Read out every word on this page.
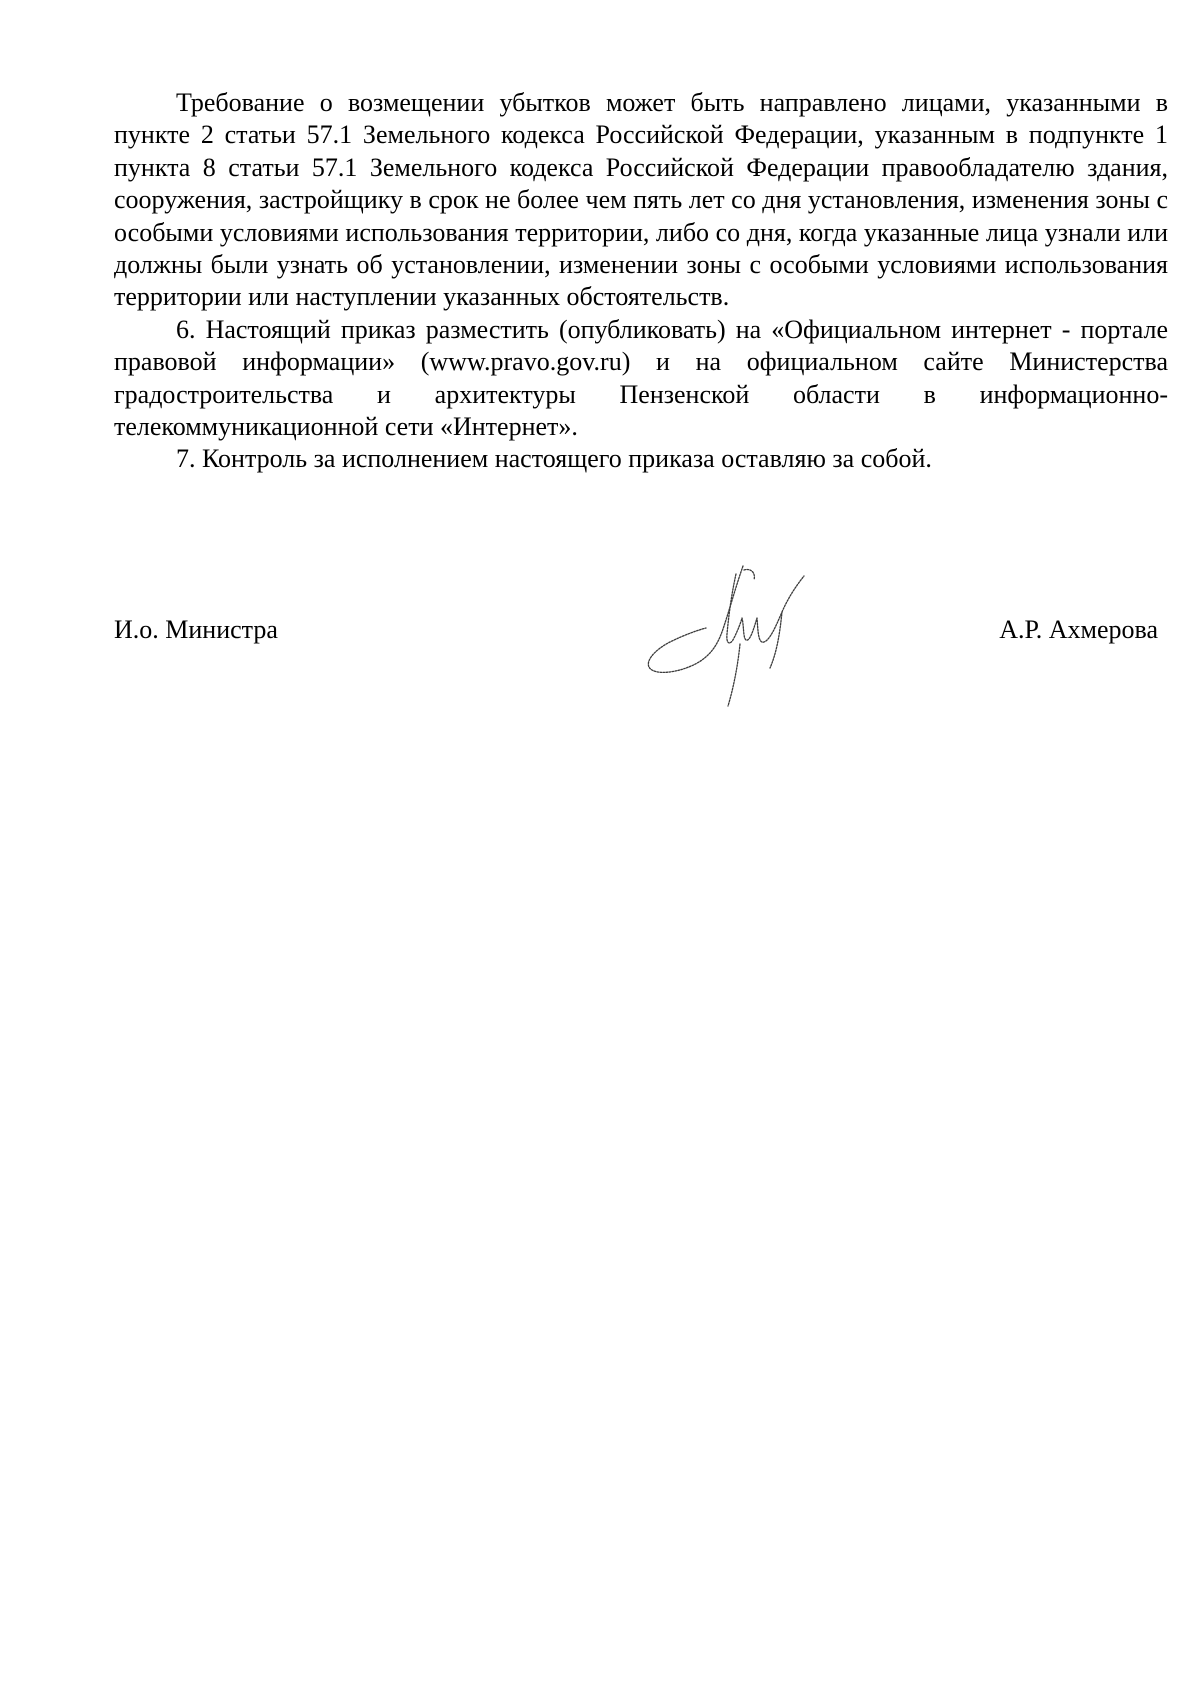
Требование о возмещении убытков может быть направлено лицами, указанными в пункте 2 статьи 57.1 Земельного кодекса Российской Федерации, указанным в подпункте 1 пункта 8 статьи 57.1 Земельного кодекса Российской Федерации правообладателю здания, сооружения, застройщику в срок не более чем пять лет со дня установления, изменения зоны с особыми условиями использования территории, либо со дня, когда указанные лица узнали или должны были узнать об установлении, изменении зоны с особыми условиями использования территории или наступлении указанных обстоятельств.

6. Настоящий приказ разместить (опубликовать) на «Официальном интернет - портале правовой информации» (www.pravo.gov.ru) и на официальном сайте Министерства градостроительства и архитектуры Пензенской области в информационно-телекоммуникационной сети «Интернет».

7. Контроль за исполнением настоящего приказа оставляю за собой.

И.о. Министра	А.Р. Ахмерова
